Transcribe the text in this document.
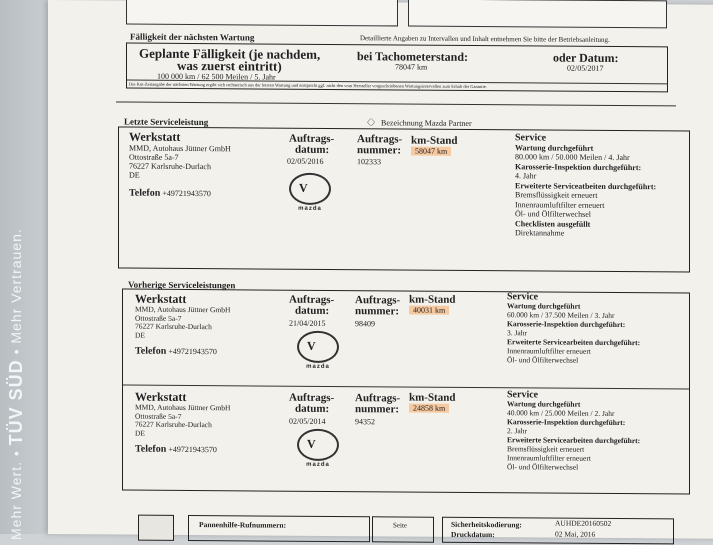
Mehr Wert. • TÜV SÜD • Mehr Vertrauen.
Fälligkeit der nächsten Wartung	Detaillierte Angaben zu Intervallen und Inhalt entnehmen Sie bitte der Betriebsanleitung.
Geplante Fälligkeit (je nachdem,
was zuerst eintritt)
100 000 km / 62 500 Meilen / 5. Jahr
bei Tachometerstand:
78047 km
oder Datum:
02/05/2017
Die Km-Zeitangabe der nächsten Wartung ergibt sich rechnerisch aus der letzten Wartung und entspricht ggf. nicht den vom Hersteller vorgeschriebenen Wartungsintervallen zum Erhalt der Garantie.
Letzte Serviceleistung	〈〉 Bezeichnung Mazda Partner
Werkstatt
MMD, Autohaus Jüttner GmbH
Ottostraße 5a-7
76227 Karlsruhe-Durlach
DE
Telefon +49721943570
Auftrags-
datum:
02/05/2016
Auftrags-
nummer:
102333
km-Stand
58047 km
V
mazda
Service
Wartung durchgeführt
80.000 km / 50.000 Meilen / 4. Jahr
Karosserie-Inspektion durchgeführt:
4. Jahr
Erweiterte Serviceatbeiten durchgeführt:
Bremsflüssigkeit erneuert
Innenraumluftfilter erneuert
Öl- und Ölfilterwechsel
Checklisten ausgefüllt
Direktannahme
Vorherige Serviceleistungen
Werkstatt
MMD, Autohaus Jüttner GmbH
Ottostraße 5a-7
76227 Karlsruhe-Durlach
DE
Telefon +49721943570
Auftrags-
datum:
21/04/2015
Auftrags-
nummer:
98409
km-Stand
40031 km
V
mazda
Service
Wartung durchgeführt
60.000 km / 37.500 Meilen / 3. Jahr
Karosserie-Inspektion durchgeführt:
3. Jahr
Erweiterte Servicearbeiten durchgeführt:
Innenraumluftfilter erneuert
Öl- und Ölfilterwechsel
Werkstatt
MMD, Autohaus Jüttner GmbH
Ottostraße 5a-7
76227 Karlsruhe-Durlach
DE
Telefon +49721943570
Auftrags-
datum:
02/05/2014
Auftrags-
nummer:
94352
km-Stand
24858 km
V
mazda
Service
Wartung durchgeführt
40.000 km / 25.000 Meilen / 2. Jahr
Karosserie-Inspektion durchgeführt:
2. Jahr
Erweiterte Servicearbeiten durchgeführt:
Bremsflüssigkeit erneuert
Innenraumluftfilter erneuert
Öl- und Ölfilterwechsel
Pannenhilfe-Rufnummern:	Seite	Sicherheitskodierung:	AUHDE20160502
Druckdatum:	02 Mai, 2016
